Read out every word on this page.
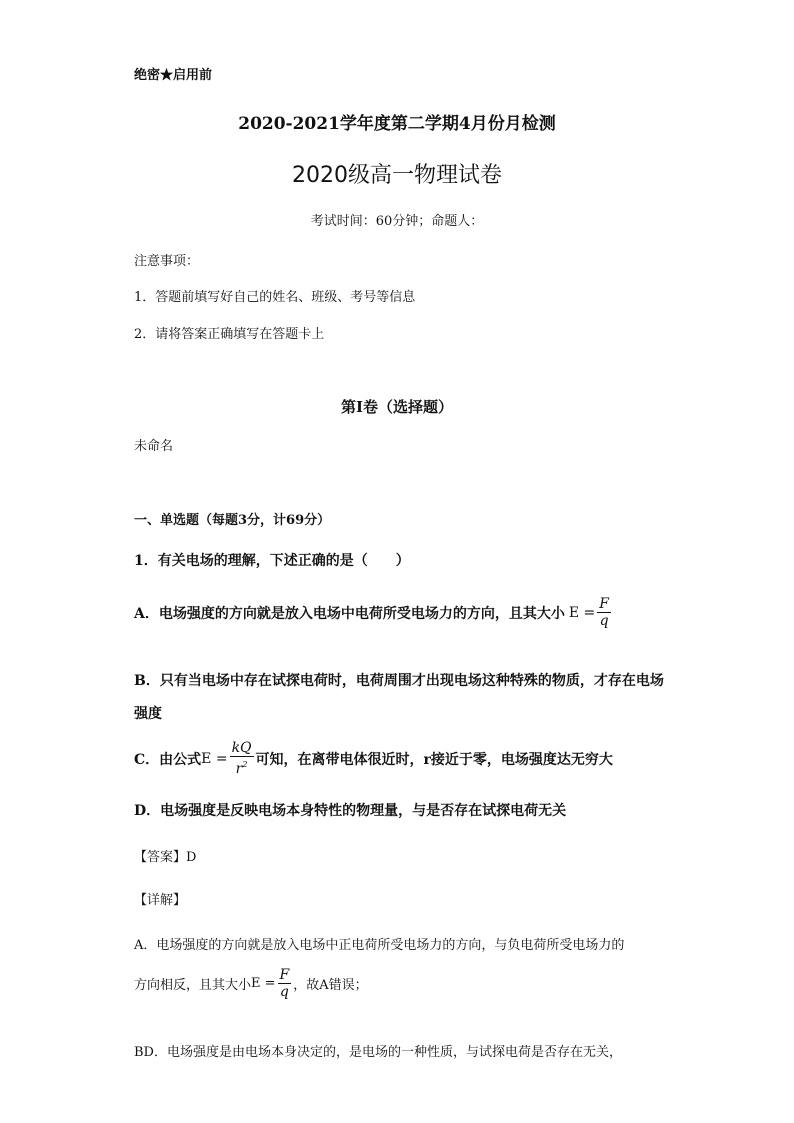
绝密★启用前
2020-2021学年度第二学期4月份月检测
2020级高一物理试卷
考试时间：60分钟；命题人：
注意事项：
1．答题前填写好自己的姓名、班级、考号等信息
2．请将答案正确填写在答题卡上
第I卷（选择题）
未命名
一、单选题（每题3分，计69分）
1．有关电场的理解，下述正确的是（　　）
A．电场强度的方向就是放入电场中电荷所受电场力的方向，且其大小 $E = \frac{F}{q}$
B．只有当电场中存在试探电荷时，电荷周围才出现电场这种特殊的物质，才存在电场
强度
C．由公式 $E = \frac{kQ}{r^2}$ 可知，在离带电体很近时，r接近于零，电场强度达无穷大
D．电场强度是反映电场本身特性的物理量，与是否存在试探电荷无关
【答案】D
【详解】
A．电场强度的方向就是放入电场中正电荷所受电场力的方向，与负电荷所受电场力的
方向相反，且其大小 $E = \frac{F}{q}$ ，故A错误；
BD．电场强度是由电场本身决定的，是电场的一种性质，与试探电荷是否存在无关，
